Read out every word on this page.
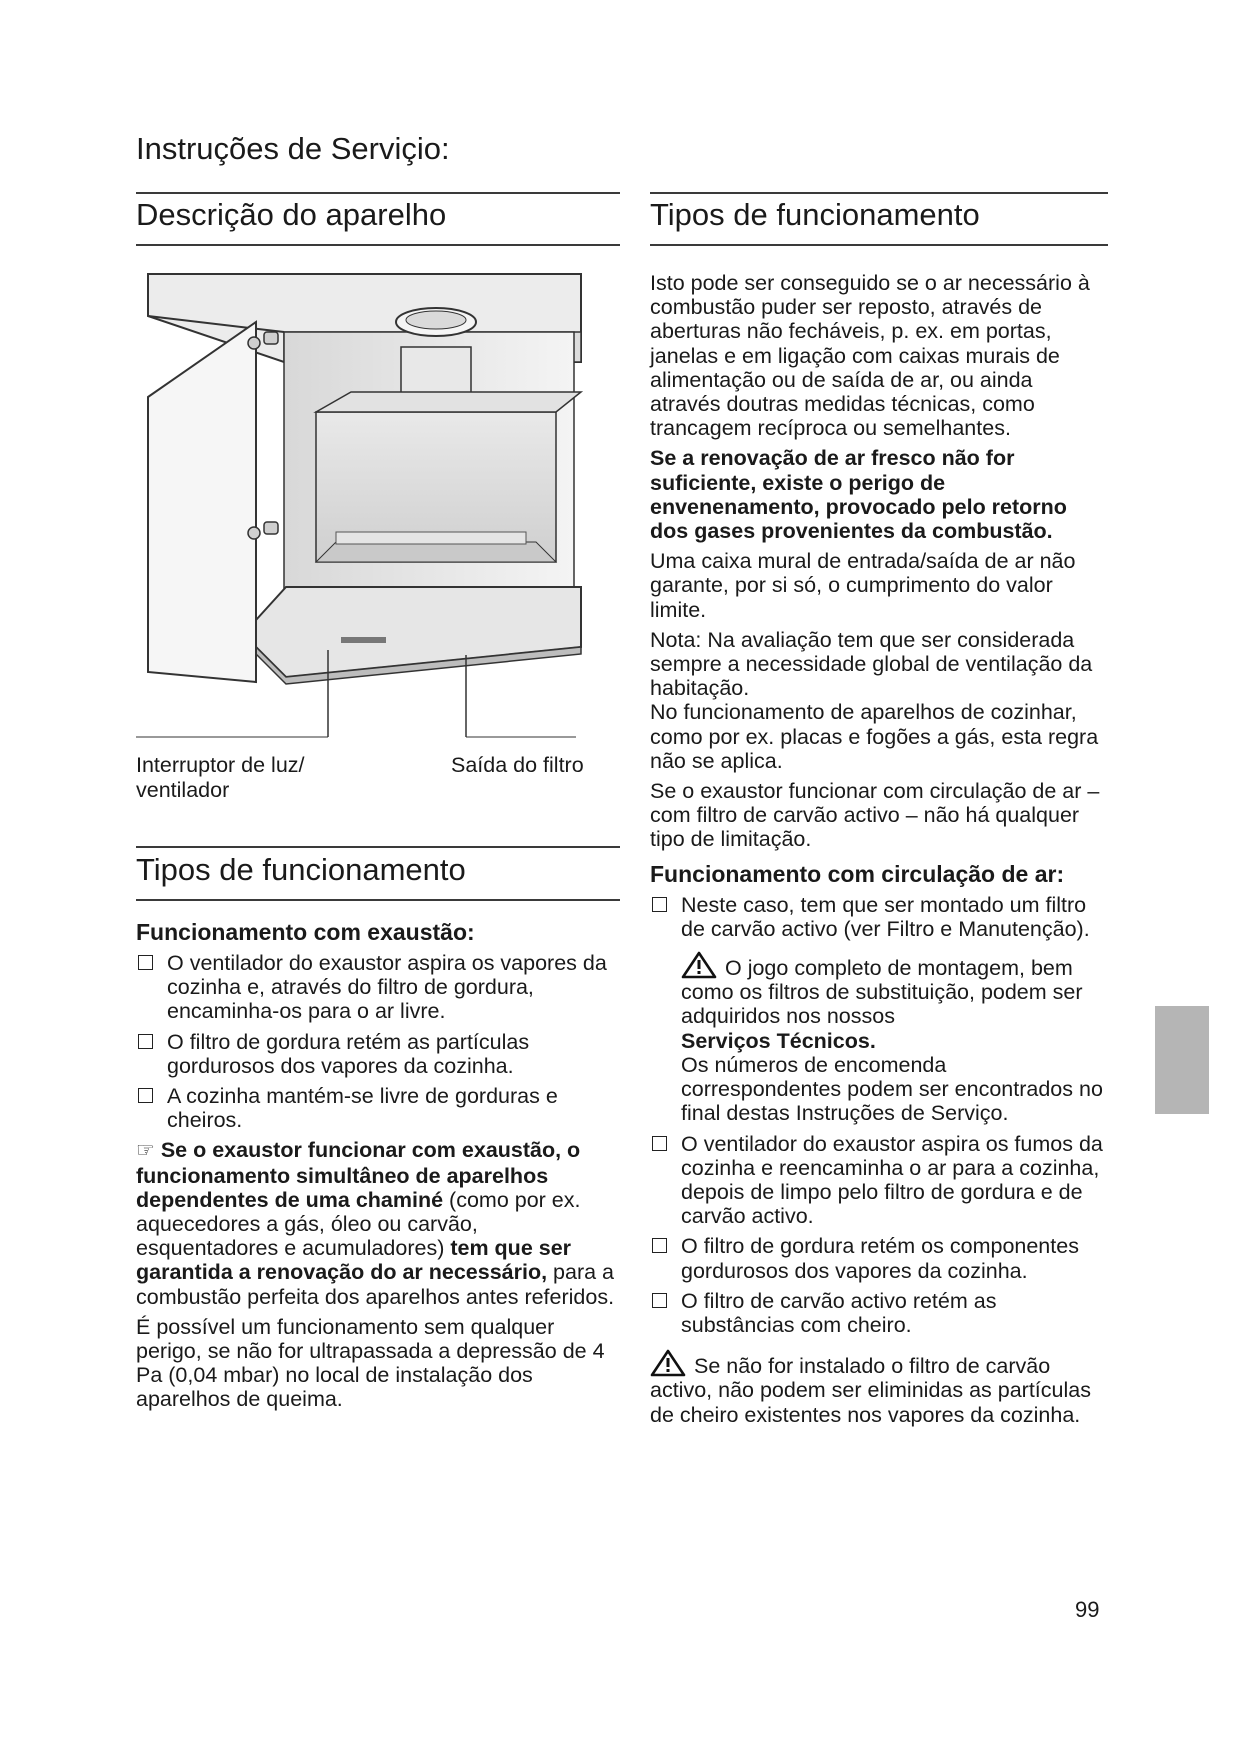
Instruções de Serviçio:
Descrição do aparelho	Tipos de funcionamento
Interruptor de luz/
ventilador
Saída do filtro
Tipos de funcionamento
Funcionamento com exaustão:
O ventilador do exaustor aspira os vapores da cozinha e, através do filtro de gordura, encaminha-os para o ar livre.
O filtro de gordura retém as partículas gordurosos dos vapores da cozinha.
A cozinha mantém-se livre de gorduras e cheiros.

☞ Se o exaustor funcionar com exaustão, o funcionamento simultâneo de aparelhos dependentes de uma chaminé (como por ex. aquecedores a gás, óleo ou carvão, esquentadores e acumuladores) tem que ser garantida a renovação do ar necessário, para a combustão perfeita dos aparelhos antes referidos.

É possível um funcionamento sem qualquer perigo, se não for ultrapassada a depressão de 4 Pa (0,04 mbar) no local de instalação dos aparelhos de queima.

Isto pode ser conseguido se o ar necessário à combustão puder ser reposto, através de aberturas não fecháveis, p. ex. em portas, janelas e em ligação com caixas murais de alimentação ou de saída de ar, ou ainda através doutras medidas técnicas, como trancagem recíproca ou semelhantes.

Se a renovação de ar fresco não for suficiente, existe o perigo de envenenamento, provocado pelo retorno dos gases provenientes da combustão.

Uma caixa mural de entrada/saída de ar não garante, por si só, o cumprimento do valor limite.

Nota: Na avaliação tem que ser considerada sempre a necessidade global de ventilação da habitação.
No funcionamento de aparelhos de cozinhar, como por ex. placas e fogões a gás, esta regra não se aplica.

Se o exaustor funcionar com circulação de ar – com filtro de carvão activo – não há qualquer tipo de limitação.

Funcionamento com circulação de ar:
Neste caso, tem que ser montado um filtro de carvão activo (ver Filtro e Manutenção).
O jogo completo de montagem, bem como os filtros de substituição, podem ser adquiridos nos nossos
Serviços Técnicos.
Os números de encomenda correspondentes podem ser encontrados no final destas Instruções de Serviço.
O ventilador do exaustor aspira os fumos da cozinha e reencaminha o ar para a cozinha, depois de limpo pelo filtro de gordura e de carvão activo.
O filtro de gordura retém os componentes gordurosos dos vapores da cozinha.
O filtro de carvão activo retém as substâncias com cheiro.

Se não for instalado o filtro de carvão activo, não podem ser eliminidas as partículas de cheiro existentes nos vapores da cozinha.

99
